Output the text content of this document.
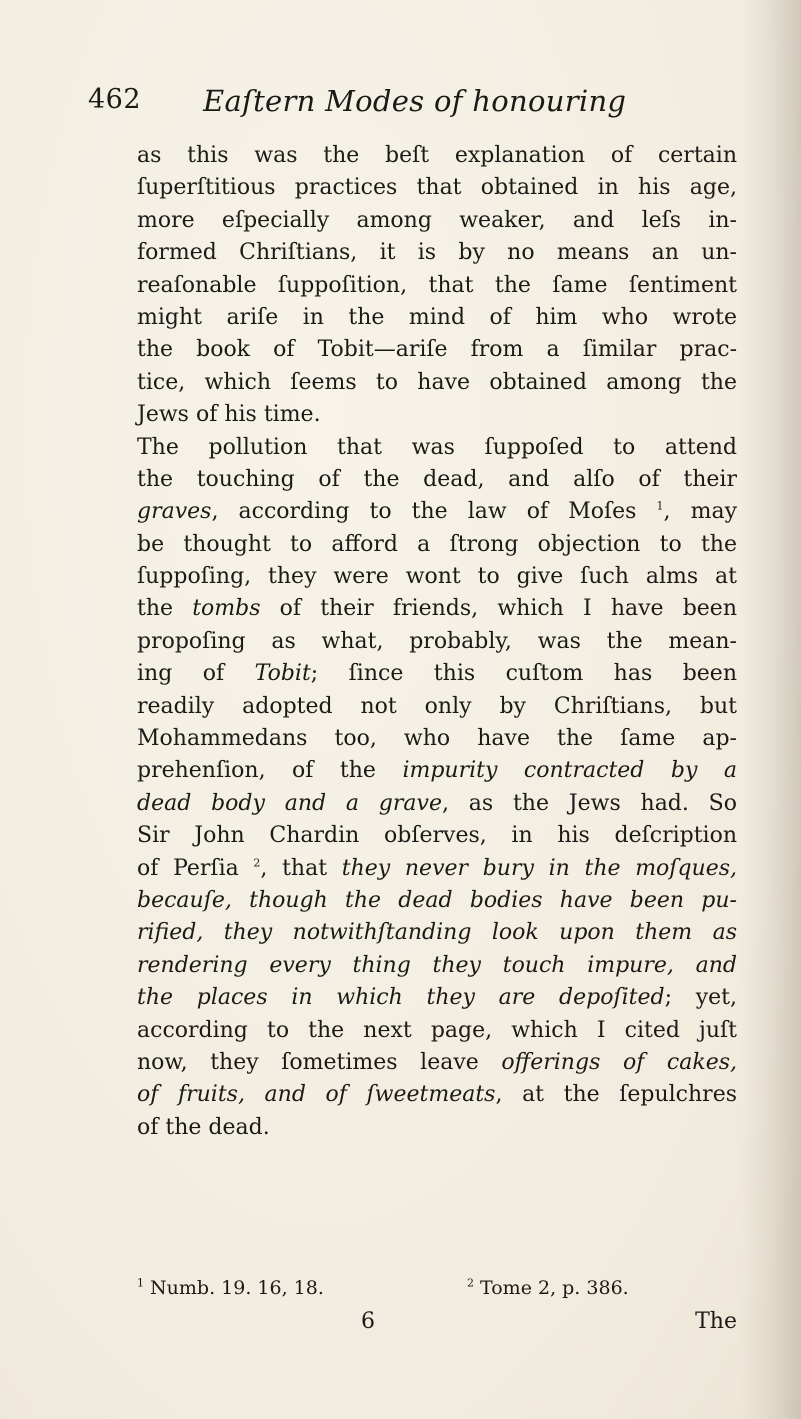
462 Eaſtern Modes of honouring
as this was the beſt explanation of certain
ſuperſtitious practices that obtained in his age,
more eſpecially among weaker, and leſs in-
formed Chriſtians, it is by no means an un-
reaſonable ſuppoſition, that the ſame ſentiment
might ariſe in the mind of him who wrote
the book of Tobit—ariſe from a ſimilar prac-
tice, which ſeems to have obtained among the
Jews of his time.
The pollution that was ſuppoſed to attend
the touching of the dead, and alſo of their
graves, according to the law of Moſes $^1$, may
be thought to afford a ſtrong objection to the
ſuppoſing, they were wont to give ſuch alms at
the tombs of their friends, which I have been
propoſing as what, probably, was the mean-
ing of Tobit; ſince this cuſtom has been
readily adopted not only by Chriſtians, but
Mohammedans too, who have the ſame ap-
prehenſion, of the impurity contracted by a
dead body and a grave, as the Jews had. So
Sir John Chardin obſerves, in his deſcription
of Perſia $^2$, that they never bury in the moſques,
becauſe, though the dead bodies have been pu-
rified, they notwithſtanding look upon them as
rendering every thing they touch impure, and
the places in which they are depoſited; yet,
according to the next page, which I cited juſt
now, they ſometimes leave offerings of cakes,
of fruits, and of ſweetmeats, at the ſepulchres
of the dead.
$^1$ Numb. 19. 16, 18.	$^2$ Tome 2, p. 386.
6	The
